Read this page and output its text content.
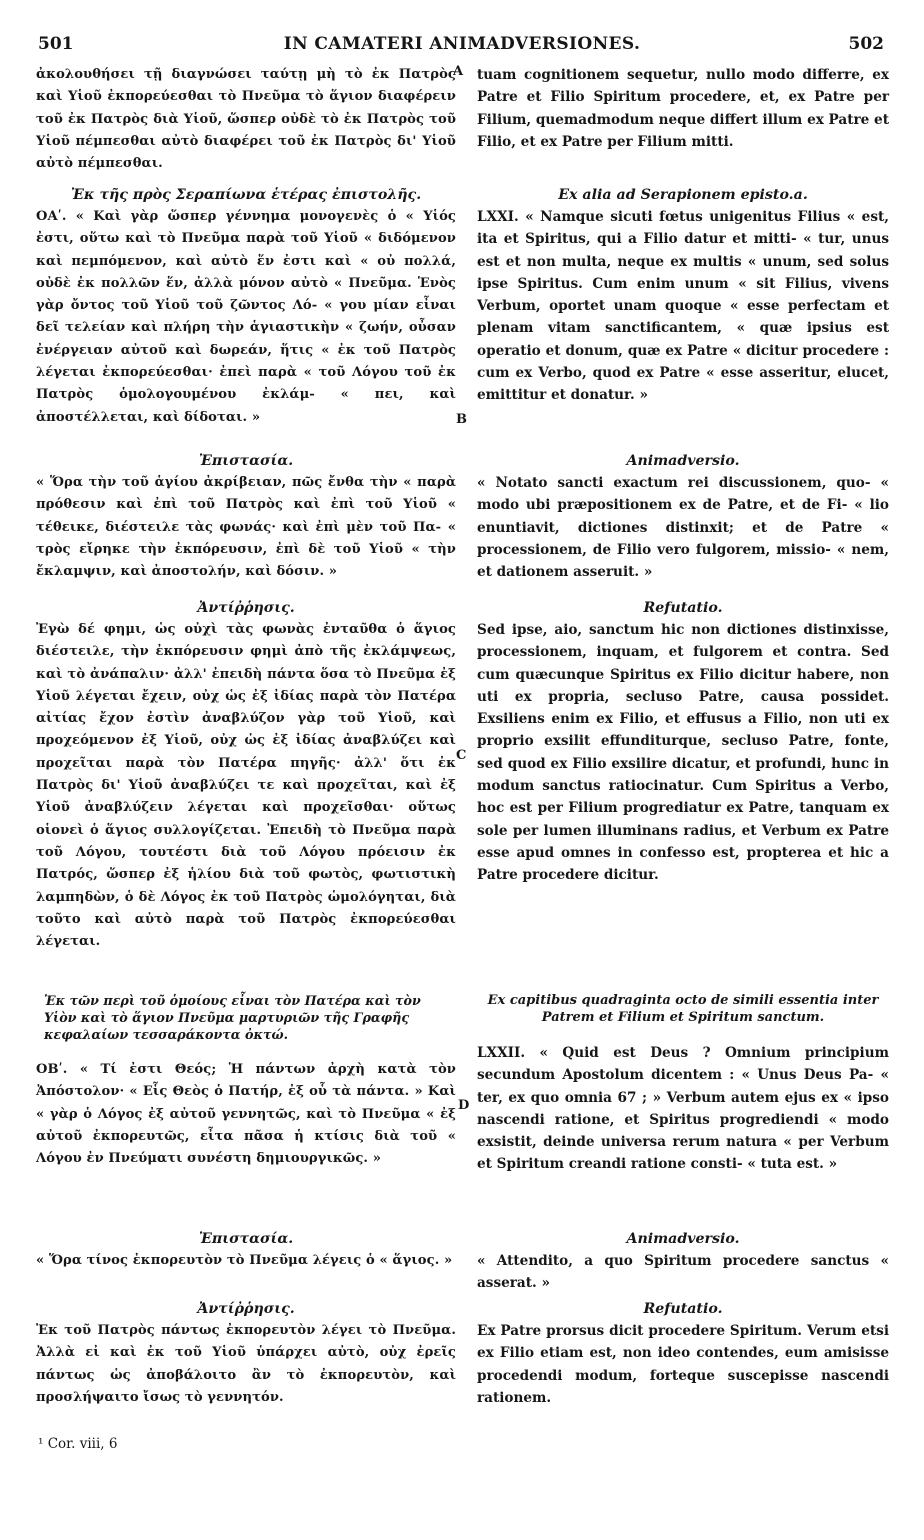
501	IN CAMATERI ANIMADVERSIONES.	502
A
B
C
D

ἀκολουθήσει τῇ διαγνώσει ταύτῃ μὴ τὸ ἐκ Πατρὸς καὶ Υἱοῦ ἐκπορεύεσθαι τὸ Πνεῦμα τὸ ἅγιον διαφέρειν τοῦ ἐκ Πατρὸς διὰ Υἱοῦ, ὥσπερ οὐδὲ τὸ ἐκ Πατρὸς τοῦ Υἱοῦ πέμπεσθαι αὐτὸ διαφέρει τοῦ ἐκ Πατρὸς δι' Υἱοῦ αὐτὸ πέμπεσθαι.

Ἐκ τῆς πρὸς Σεραπίωνα ἑτέρας ἐπιστολῆς.

ΟΑʹ. « Καὶ γὰρ ὥσπερ γέννημα μονογενὲς ὁ « Υἱός ἐστι, οὕτω καὶ τὸ Πνεῦμα παρὰ τοῦ Υἱοῦ « διδόμενον καὶ πεμπόμενον, καὶ αὐτὸ ἕν ἐστι καὶ « οὐ πολλά, οὐδὲ ἐκ πολλῶν ἕν, ἀλλὰ μόνον αὐτὸ « Πνεῦμα. Ἑνὸς γὰρ ὄντος τοῦ Υἱοῦ τοῦ ζῶντος Λό- « γου μίαν εἶναι δεῖ τελείαν καὶ πλήρη τὴν ἁγιαστικὴν « ζωήν, οὖσαν ἐνέργειαν αὐτοῦ καὶ δωρεάν, ἥτις « ἐκ τοῦ Πατρὸς λέγεται ἐκπορεύεσθαι· ἐπεὶ παρὰ « τοῦ Λόγου τοῦ ἐκ Πατρὸς ὁμολογουμένου ἐκλάμ- « πει, καὶ ἀποστέλλεται, καὶ δίδοται. »

Ἐπιστασία.

« Ὅρα τὴν τοῦ ἁγίου ἀκρίβειαν, πῶς ἔνθα τὴν « παρὰ πρόθεσιν καὶ ἐπὶ τοῦ Πατρὸς καὶ ἐπὶ τοῦ Υἱοῦ « τέθεικε, διέστειλε τὰς φωνάς· καὶ ἐπὶ μὲν τοῦ Πα- « τρὸς εἴρηκε τὴν ἐκπόρευσιν, ἐπὶ δὲ τοῦ Υἱοῦ « τὴν ἔκλαμψιν, καὶ ἀποστολήν, καὶ δόσιν. »

Ἀντίῤῥησις.

Ἐγὼ δέ φημι, ὡς οὐχὶ τὰς φωνὰς ἐνταῦθα ὁ ἅγιος διέστειλε, τὴν ἐκπόρευσιν φημὶ ἀπὸ τῆς ἐκλάμψεως, καὶ τὸ ἀνάπαλιν· ἀλλ' ἐπειδὴ πάντα ὅσα τὸ Πνεῦμα ἐξ Υἱοῦ λέγεται ἔχειν, οὐχ ὡς ἐξ ἰδίας παρὰ τὸν Πατέρα αἰτίας ἔχον ἐστὶν ἀναβλύζον γὰρ τοῦ Υἱοῦ, καὶ προχεόμενον ἐξ Υἱοῦ, οὐχ ὡς ἐξ ἰδίας ἀναβλύζει καὶ προχεῖται παρὰ τὸν Πατέρα πηγῆς· ἀλλ' ὅτι ἐκ Πατρὸς δι' Υἱοῦ ἀναβλύζει τε καὶ προχεῖται, καὶ ἐξ Υἱοῦ ἀναβλύζειν λέγεται καὶ προχεῖσθαι· οὕτως οἱονεὶ ὁ ἅγιος συλλογίζεται. Ἐπειδὴ τὸ Πνεῦμα παρὰ τοῦ Λόγου, τουτέστι διὰ τοῦ Λόγου πρόεισιν ἐκ Πατρός, ὥσπερ ἐξ ἡλίου διὰ τοῦ φωτὸς, φωτιστικὴ λαμπηδὼν, ὁ δὲ Λόγος ἐκ τοῦ Πατρὸς ὡμολόγηται, διὰ τοῦτο καὶ αὐτὸ παρὰ τοῦ Πατρὸς ἐκπορεύεσθαι λέγεται.

Ἐκ τῶν περὶ τοῦ ὁμοίους εἶναι τὸν Πατέρα καὶ τὸν Υἱὸν καὶ τὸ ἅγιον Πνεῦμα μαρτυριῶν τῆς Γραφῆς κεφαλαίων τεσσαράκοντα ὀκτώ.

ΟΒʹ. « Τί ἐστι Θεός; Ἡ πάντων ἀρχὴ κατὰ τὸν Ἀπόστολον· « Εἷς Θεὸς ὁ Πατήρ, ἐξ οὗ τὰ πάντα. » Καὶ « γὰρ ὁ Λόγος ἐξ αὐτοῦ γεννητῶς, καὶ τὸ Πνεῦμα « ἐξ αὐτοῦ ἐκπορευτῶς, εἶτα πᾶσα ἡ κτίσις διὰ τοῦ « Λόγου ἐν Πνεύματι συνέστη δημιουργικῶς. »

Ἐπιστασία.

« Ὅρα τίνος ἐκπορευτὸν τὸ Πνεῦμα λέγεις ὁ « ἅγιος. »

Ἀντίῤῥησις.

Ἐκ τοῦ Πατρὸς πάντως ἐκπορευτὸν λέγει τὸ Πνεῦμα. Ἀλλὰ εἰ καὶ ἐκ τοῦ Υἱοῦ ὑπάρχει αὐτὸ, οὐχ ἐρεῖς πάντως ὡς ἀποβάλοιτο ἂν τὸ ἐκπορευτὸν, καὶ προσλήψαιτο ἴσως τὸ γεννητόν.

tuam cognitionem sequetur, nullo modo differre, ex Patre et Filio Spiritum procedere, et, ex Patre per Filium, quemadmodum neque differt illum ex Patre et Filio, et ex Patre per Filium mitti.

Ex alia ad Serapionem episto.a.

LXXI. « Namque sicuti fœtus unigenitus Filius « est, ita et Spiritus, qui a Filio datur et mitti- « tur, unus est et non multa, neque ex multis « unum, sed solus ipse Spiritus. Cum enim unum « sit Filius, vivens Verbum, oportet unam quoque « esse perfectam et plenam vitam sanctificantem, « quæ ipsius est operatio et donum, quæ ex Patre « dicitur procedere : cum ex Verbo, quod ex Patre « esse asseritur, elucet, emittitur et donatur. »

Animadversio.

« Notato sancti exactum rei discussionem, quo- « modo ubi præpositionem ex de Patre, et de Fi- « lio enuntiavit, dictiones distinxit; et de Patre « processionem, de Filio vero fulgorem, missio- « nem, et dationem asseruit. »

Refutatio.

Sed ipse, aio, sanctum hic non dictiones distinxisse, processionem, inquam, et fulgorem et contra. Sed cum quæcunque Spiritus ex Filio dicitur habere, non uti ex propria, secluso Patre, causa possidet. Exsiliens enim ex Filio, et effusus a Filio, non uti ex proprio exsilit effunditurque, secluso Patre, fonte, sed quod ex Filio exsilire dicatur, et profundi, hunc in modum sanctus ratiocinatur. Cum Spiritus a Verbo, hoc est per Filium progrediatur ex Patre, tanquam ex sole per lumen illuminans radius, et Verbum ex Patre esse apud omnes in confesso est, propterea et hic a Patre procedere dicitur.

Ex capitibus quadraginta octo de simili essentia inter Patrem et Filium et Spiritum sanctum.

LXXII. « Quid est Deus ? Omnium principium secundum Apostolum dicentem : « Unus Deus Pa- « ter, ex quo omnia 67 ; » Verbum autem ejus ex « ipso nascendi ratione, et Spiritus progrediendi « modo exsistit, deinde universa rerum natura « per Verbum et Spiritum creandi ratione consti- « tuta est. »

Animadversio.

« Attendito, a quo Spiritum procedere sanctus « asserat. »

Refutatio.

Ex Patre prorsus dicit procedere Spiritum. Verum etsi ex Filio etiam est, non ideo contendes, eum amisisse procedendi modum, forteque suscepisse nascendi rationem.

¹ Cor. viii, 6
